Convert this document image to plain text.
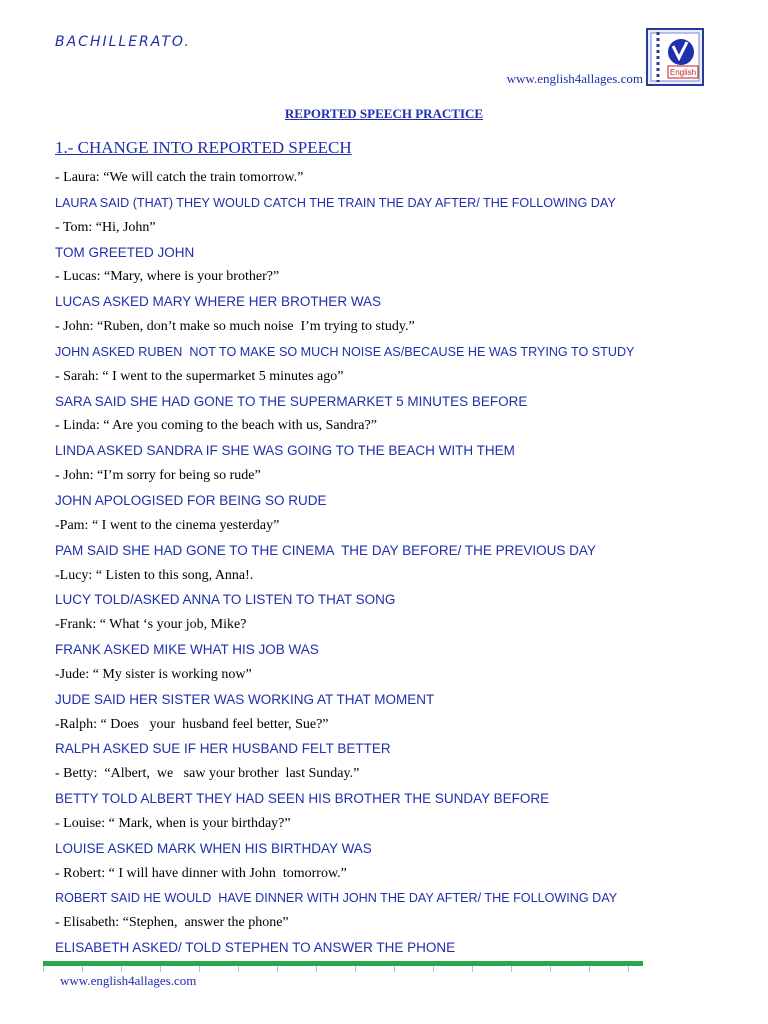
BACHILLERATO.
English
www.english4allages.com
REPORTED SPEECH PRACTICE
1.- CHANGE INTO REPORTED SPEECH
- Laura: “We will catch the train tomorrow.”
LAURA SAID (THAT) THEY WOULD CATCH THE TRAIN THE DAY AFTER/ THE FOLLOWING DAY
- Tom: “Hi, John”
TOM GREETED JOHN
- Lucas: “Mary, where is your brother?”
LUCAS ASKED MARY WHERE HER BROTHER WAS
- John: “Ruben, don’t make so much noise  I’m trying to study.”
JOHN ASKED RUBEN  NOT TO MAKE SO MUCH NOISE AS/BECAUSE HE WAS TRYING TO STUDY
- Sarah: “ I went to the supermarket 5 minutes ago”
SARA SAID SHE HAD GONE TO THE SUPERMARKET 5 MINUTES BEFORE
- Linda: “ Are you coming to the beach with us, Sandra?”
LINDA ASKED SANDRA IF SHE WAS GOING TO THE BEACH WITH THEM
- John: “I’m sorry for being so rude”
JOHN APOLOGISED FOR BEING SO RUDE
-Pam: “ I went to the cinema yesterday”
PAM SAID SHE HAD GONE TO THE CINEMA  THE DAY BEFORE/ THE PREVIOUS DAY
-Lucy: “ Listen to this song, Anna!.
LUCY TOLD/ASKED ANNA TO LISTEN TO THAT SONG
-Frank: “ What ‘s your job, Mike?
FRANK ASKED MIKE WHAT HIS JOB WAS
-Jude: “ My sister is working now”
JUDE SAID HER SISTER WAS WORKING AT THAT MOMENT
-Ralph: “ Does   your  husband feel better, Sue?”
RALPH ASKED SUE IF HER HUSBAND FELT BETTER
- Betty:  “Albert,  we   saw your brother  last Sunday.”
BETTY TOLD ALBERT THEY HAD SEEN HIS BROTHER THE SUNDAY BEFORE
- Louise: “ Mark, when is your birthday?”
LOUISE ASKED MARK WHEN HIS BIRTHDAY WAS
- Robert: “ I will have dinner with John  tomorrow.”
ROBERT SAID HE WOULD  HAVE DINNER WITH JOHN THE DAY AFTER/ THE FOLLOWING DAY
- Elisabeth: “Stephen,  answer the phone”
ELISABETH ASKED/ TOLD STEPHEN TO ANSWER THE PHONE
www.english4allages.com
